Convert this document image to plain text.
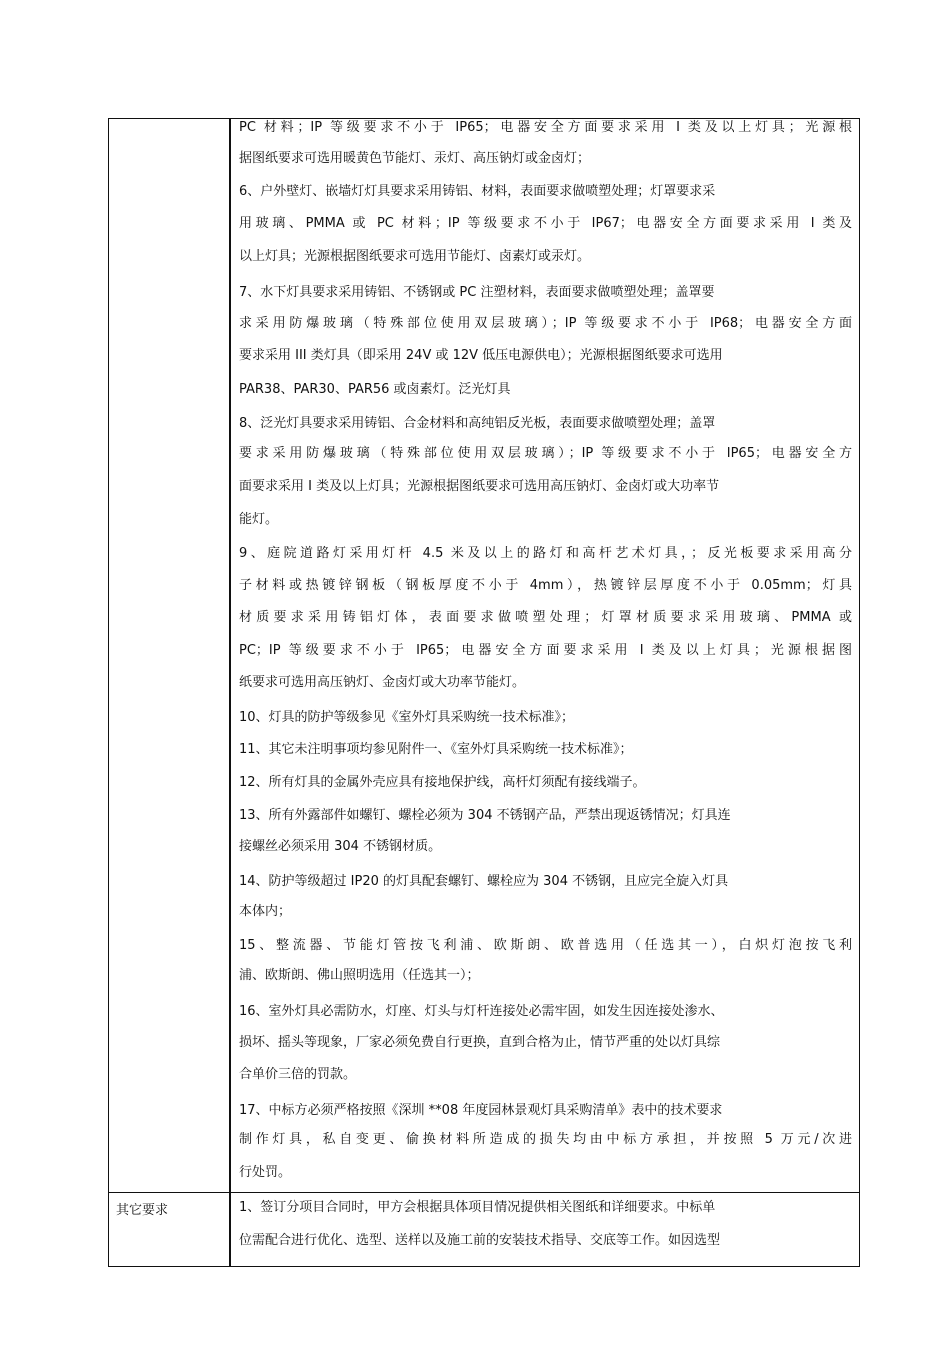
PC 材料；IP 等级要求不小于 IP65；电器安全方面要求采用 I 类及以上灯具；光源根
据图纸要求可选用暖黄色节能灯、汞灯、高压钠灯或金卤灯；
6、户外壁灯、嵌墙灯灯具要求采用铸铝、材料，表面要求做喷塑处理；灯罩要求采
用玻璃、PMMA 或 PC 材料；IP 等级要求不小于 IP67；电器安全方面要求采用 I 类及
以上灯具；光源根据图纸要求可选用节能灯、卤素灯或汞灯。
7、水下灯具要求采用铸铝、不锈钢或 PC 注塑材料，表面要求做喷塑处理；盖罩要
求采用防爆玻璃（特殊部位使用双层玻璃）；IP 等级要求不小于 IP68；电器安全方面
要求采用 III 类灯具（即采用 24V 或 12V 低压电源供电）；光源根据图纸要求可选用
PAR38、PAR30、PAR56 或卤素灯。泛光灯具
8、泛光灯具要求采用铸铝、合金材料和高纯铝反光板，表面要求做喷塑处理；盖罩
要求采用防爆玻璃（特殊部位使用双层玻璃）；IP 等级要求不小于 IP65；电器安全方
面要求采用 I 类及以上灯具；光源根据图纸要求可选用高压钠灯、金卤灯或大功率节
能灯。
9、庭院道路灯采用灯杆 4.5 米及以上的路灯和高杆艺术灯具，；反光板要求采用高分
子材料或热镀锌钢板（钢板厚度不小于 4mm），热镀锌层厚度不小于 0.05mm；灯具
材质要求采用铸铝灯体，表面要求做喷塑处理；灯罩材质要求采用玻璃、PMMA 或
PC；IP 等级要求不小于 IP65；电器安全方面要求采用 I 类及以上灯具；光源根据图
纸要求可选用高压钠灯、金卤灯或大功率节能灯。
10、灯具的防护等级参见《室外灯具采购统一技术标准》；
11、其它未注明事项均参见附件一、《室外灯具采购统一技术标准》；
12、所有灯具的金属外壳应具有接地保护线，高杆灯须配有接线端子。
13、所有外露部件如螺钉、螺栓必须为 304 不锈钢产品，严禁出现返锈情况；灯具连
接螺丝必须采用 304 不锈钢材质。
14、防护等级超过 IP20 的灯具配套螺钉、螺栓应为 304 不锈钢，且应完全旋入灯具
本体内；
15、整流器、节能灯管按飞利浦、欧斯朗、欧普选用（任选其一），白炽灯泡按飞利
浦、欧斯朗、佛山照明选用（任选其一）；
16、室外灯具必需防水，灯座、灯头与灯杆连接处必需牢固，如发生因连接处渗水、
损坏、摇头等现象，厂家必须免费自行更换，直到合格为止，情节严重的处以灯具综
合单价三倍的罚款。
17、中标方必须严格按照《深圳 **08 年度园林景观灯具采购清单》表中的技术要求
制作灯具，私自变更、偷换材料所造成的损失均由中标方承担，并按照 5 万元/次进
行处罚。
其它要求	1、签订分项目合同时，甲方会根据具体项目情况提供相关图纸和详细要求。中标单
位需配合进行优化、选型、送样以及施工前的安装技术指导、交底等工作。如因选型
